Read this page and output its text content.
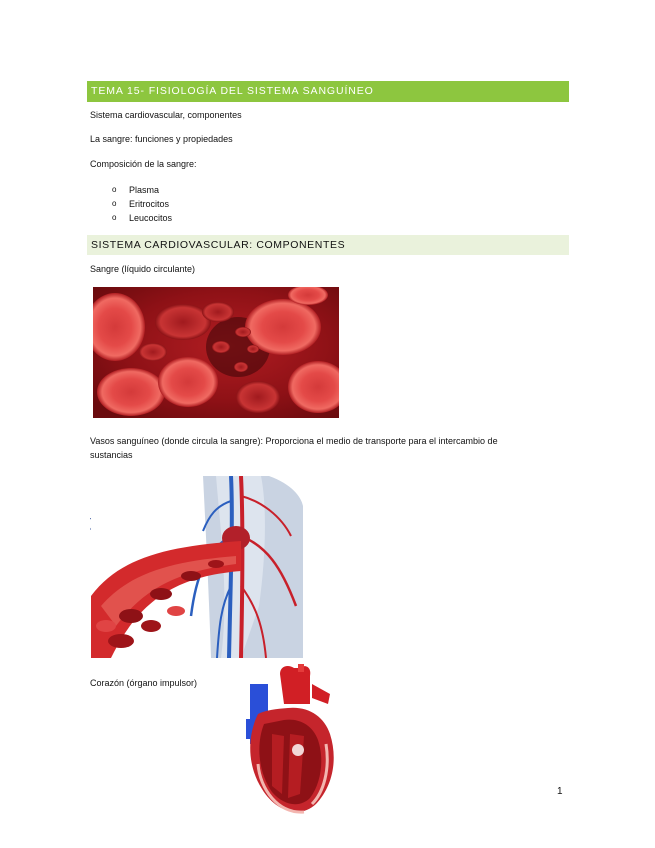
TEMA 15- FISIOLOGÍA DEL SISTEMA SANGUÍNEO

Sistema cardiovascular, componentes

La sangre: funciones y propiedades

Composición de la sangre:

o Plasma
o Eritrocitos
o Leucocitos
SISTEMA CARDIOVASCULAR: COMPONENTES

Sangre (líquido circulante)

Vasos sanguíneo (donde circula la sangre): Proporciona el medio de transporte para el intercambio de

sustancias

Corazón (órgano impulsor)

1
